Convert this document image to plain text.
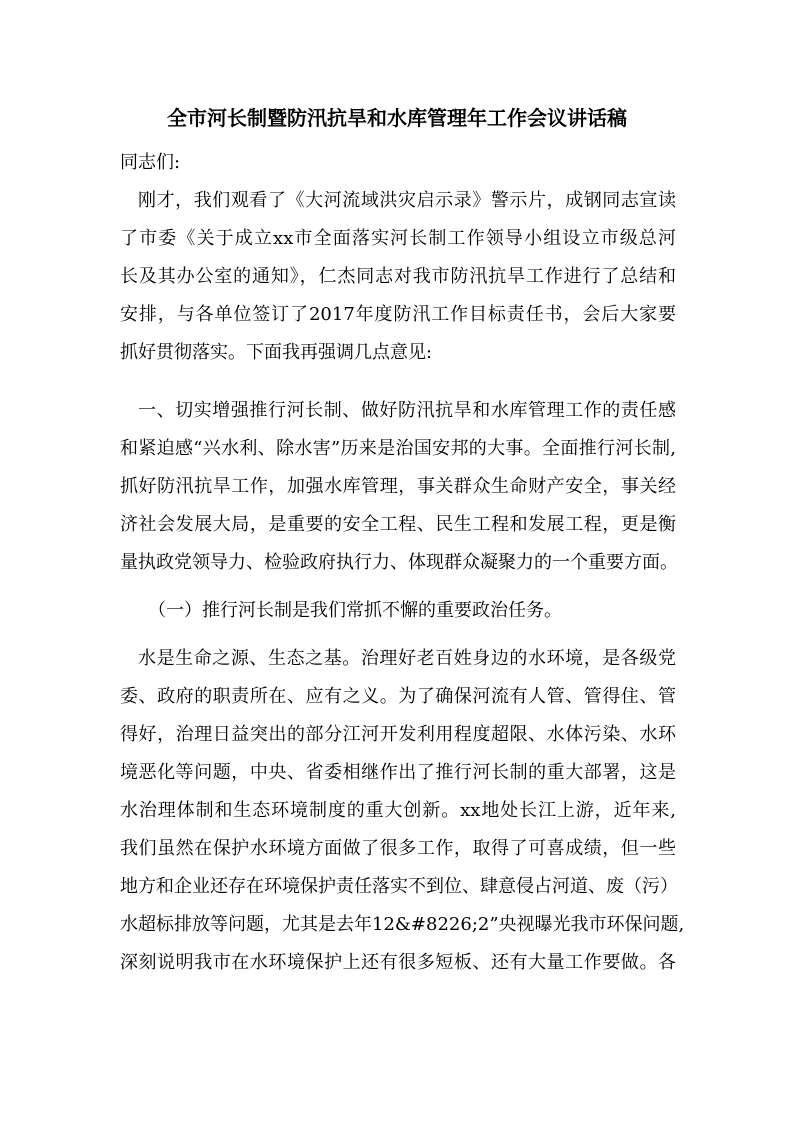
全市河长制暨防汛抗旱和水库管理年工作会议讲话稿
同志们:
刚才，我们观看了《大河流域洪灾启示录》警示片，成钢同志宣读
了市委《关于成立xx市全面落实河长制工作领导小组设立市级总河
长及其办公室的通知》，仁杰同志对我市防汛抗旱工作进行了总结和
安排，与各单位签订了2017年度防汛工作目标责任书，会后大家要
抓好贯彻落实。下面我再强调几点意见:
一、切实增强推行河长制、做好防汛抗旱和水库管理工作的责任感
和紧迫感“兴水利、除水害”历来是治国安邦的大事。全面推行河长制,
抓好防汛抗旱工作，加强水库管理，事关群众生命财产安全，事关经
济社会发展大局，是重要的安全工程、民生工程和发展工程，更是衡
量执政党领导力、检验政府执行力、体现群众凝聚力的一个重要方面。
（一）推行河长制是我们常抓不懈的重要政治任务。
水是生命之源、生态之基。治理好老百姓身边的水环境，是各级党
委、政府的职责所在、应有之义。为了确保河流有人管、管得住、管
得好，治理日益突出的部分江河开发利用程度超限、水体污染、水环
境恶化等问题，中央、省委相继作出了推行河长制的重大部署，这是
水治理体制和生态环境制度的重大创新。xx地处长江上游，近年来,
我们虽然在保护水环境方面做了很多工作，取得了可喜成绩，但一些
地方和企业还存在环境保护责任落实不到位、肆意侵占河道、废（污）
水超标排放等问题，尤其是去年12&#8226;2”央视曝光我市环保问题,
深刻说明我市在水环境保护上还有很多短板、还有大量工作要做。各
